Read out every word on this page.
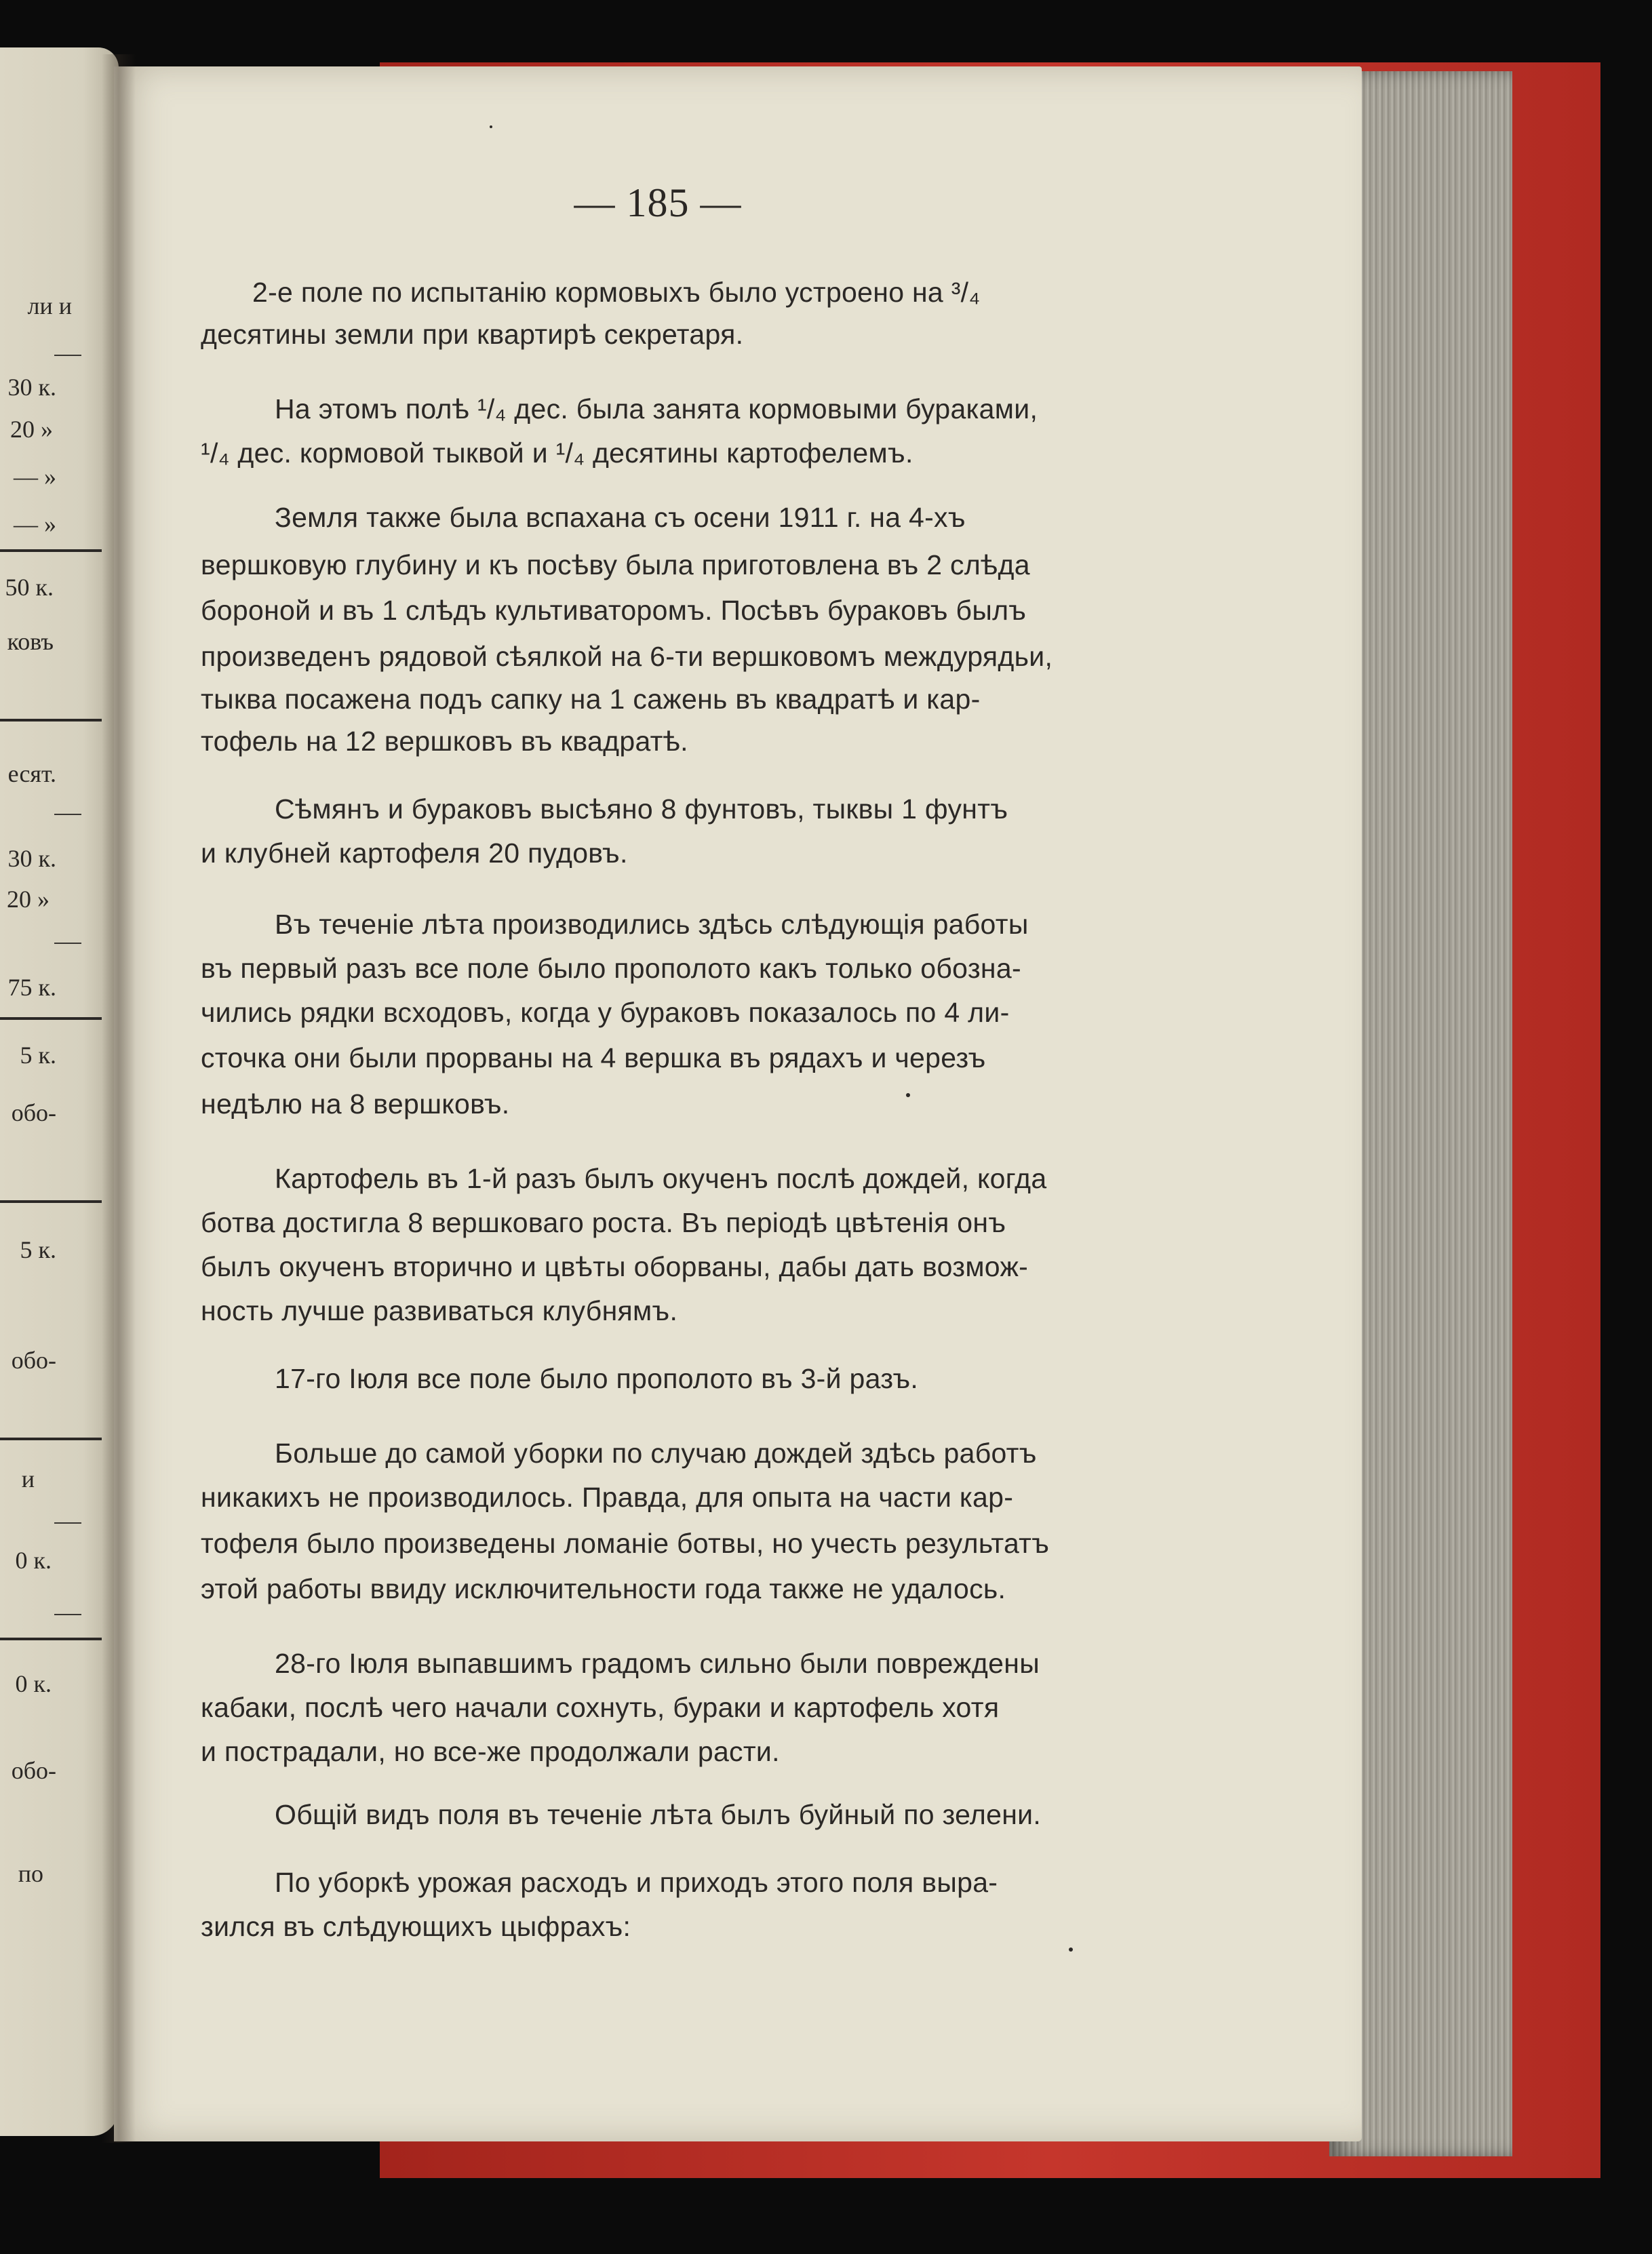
— 185 —
2-е поле по испытанію кормовыхъ было устроено на ³/₄
десятины земли при квартирѣ секретаря.
На этомъ полѣ ¹/₄ дес. была занята кормовыми бураками,
¹/₄ дес. кормовой тыквой и ¹/₄ десятины картофелемъ.
Земля также была вспахана съ осени 1911 г. на 4-хъ
вершковую глубину и къ посѣву была приготовлена въ 2 слѣда
бороной и въ 1 слѣдъ культиваторомъ. Посѣвъ бураковъ былъ
произведенъ рядовой сѣялкой на 6-ти вершковомъ междурядьи,
тыква посажена подъ сапку на 1 сажень въ квадратѣ и кар-
тофель на 12 вершковъ въ квадратѣ.
Сѣмянъ и бураковъ высѣяно 8 фунтовъ, тыквы 1 фунтъ
и клубней картофеля 20 пудовъ.
Въ теченіе лѣта производились здѣсь слѣдующія работы
въ первый разъ все поле было прополото какъ только обозна-
чились рядки всходовъ, когда у бураковъ показалось по 4 ли-
сточка они были прорваны на 4 вершка въ рядахъ и черезъ
недѣлю на 8 вершковъ.
Картофель въ 1-й разъ былъ окученъ послѣ дождей, когда
ботва достигла 8 вершковаго роста. Въ періодѣ цвѣтенія онъ
былъ окученъ вторично и цвѣты оборваны, дабы дать возмож-
ность лучше развиваться клубнямъ.
17-го Іюля все поле было прополото въ 3-й разъ.
Больше до самой уборки по случаю дождей здѣсь работъ
никакихъ не производилось. Правда, для опыта на части кар-
тофеля было произведены ломаніе ботвы, но учесть результатъ
этой работы ввиду исключительности года также не удалось.
28-го Іюля выпавшимъ градомъ сильно были повреждены
кабаки, послѣ чего начали сохнуть, бураки и картофель хотя
и пострадали, но все-же продолжали расти.
Общій видъ поля въ теченіе лѣта былъ буйный по зелени.
По уборкѣ урожая расходъ и приходъ этого поля выра-
зился въ слѣдующихъ цыфрахъ:
ли и
30 к.
20 »
— »
— »
50 к.
ковъ
есят.
30 к.
20 »
75 к.
5 к.
обо-
5 к.
обо-
и
0 к.
0 к.
обо-
по
